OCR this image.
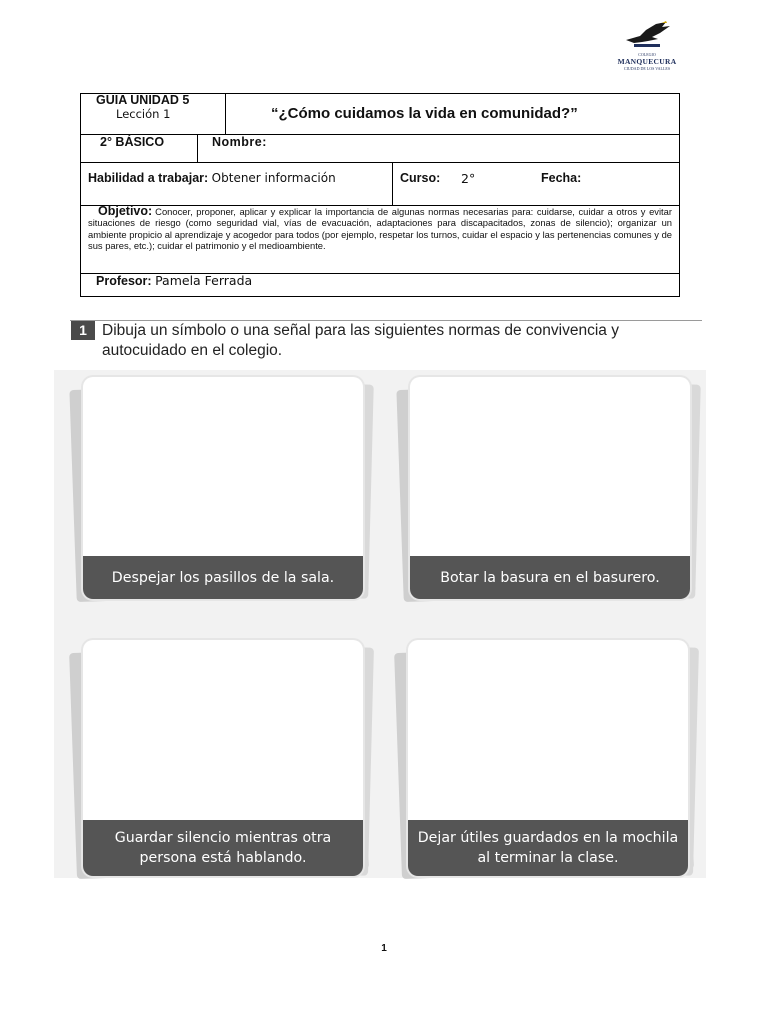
COLEGIO
MANQUECURA
CIUDAD DE LOS VALLES
GUIA UNIDAD 5
Lección 1	“¿Cómo cuidamos la vida en comunidad?”
2° BÁSICO	Nombre:
Habilidad a trabajar: Obtener información	Curso: 2°	Fecha:
Objetivo: Conocer, proponer, aplicar y explicar la importancia de algunas normas necesarias para: cuidarse, cuidar a otros y evitar situaciones de riesgo (como seguridad vial, vías de evacuación, adaptaciones para discapacitados, zonas de silencio); organizar un ambiente propicio al aprendizaje y acogedor para todos (por ejemplo, respetar los turnos, cuidar el espacio y las pertenencias comunes y de sus pares, etc.); cuidar el patrimonio y el medioambiente.
Profesor: Pamela Ferrada
1 Dibuja un símbolo o una señal para las siguientes normas de convivencia y autocuidado en el colegio.
Despejar los pasillos de la sala.	Botar la basura en el basurero.
Guardar silencio mientras otra persona está hablando.
Dejar útiles guardados en la mochila al terminar la clase.
1
